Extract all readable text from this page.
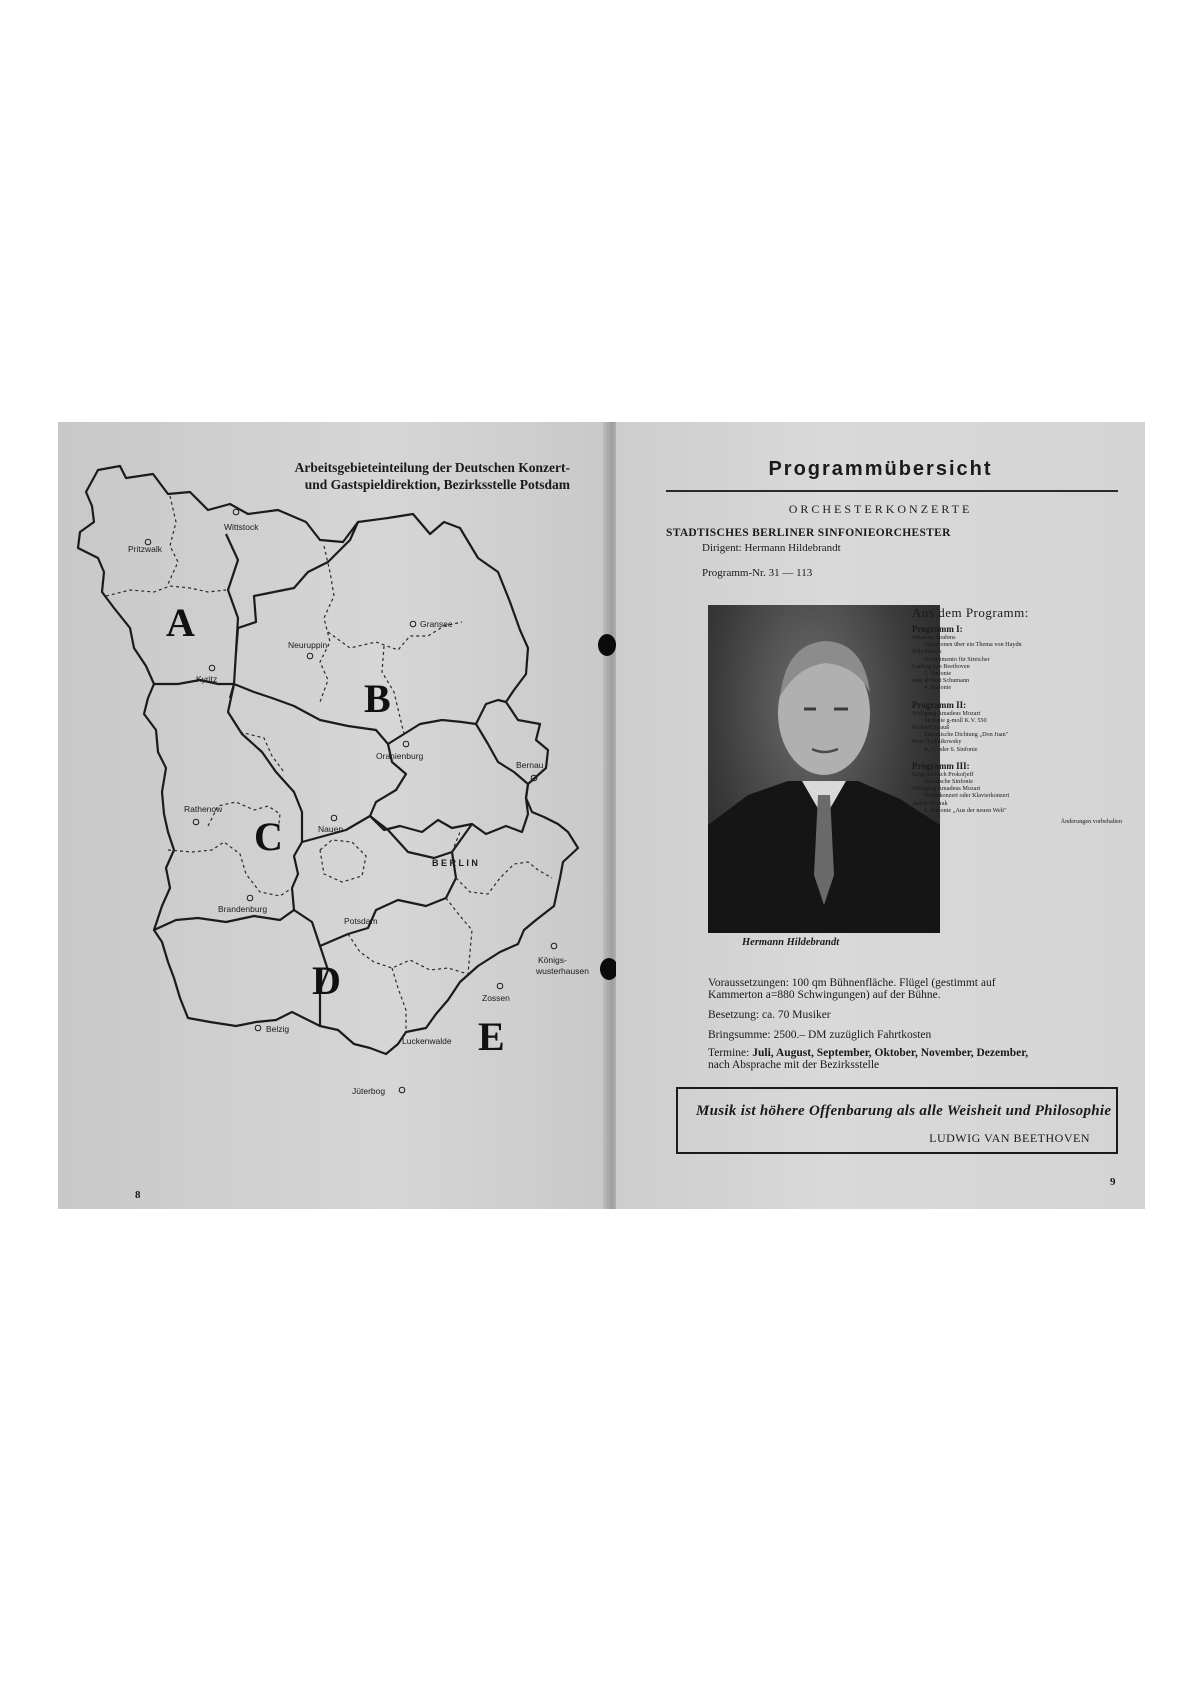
Pritzwalk
Wittstock
Gransee
Neuruppin
Kyritz
Oranienburg
Bernau
Rathenow
Nauen
B E R L I N
Brandenburg
Potsdam
Königs-
wusterhausen
Zossen
Belzig
Luckenwalde
Jüterbog
A
B
C
D
E
Arbeitsgebieteinteilung der Deutschen Konzert-
und Gastspieldirektion, Bezirksstelle Potsdam
8
Programmübersicht
ORCHESTERKONZERTE
STADTISCHES BERLINER SINFONIEORCHESTER
Dirigent: Hermann Hildebrandt
Programm-Nr. 31 — 113
Hermann Hildebrandt
Aus dem Programm:
Programm I:
Johannes Brahms
Variationen über ein Thema von Haydn
Bela Bartók
Divertimento für Streicher
Ludwig van Beethoven
7. Sinfonie
oder Robert Schumann
4. Sinfonie
Programm II:
Wolfgang Amadeus Mozart
Sinfonie g-moll K.V. 550
Richard Strauß
Sinfonische Dichtung „Don Juan"
Peter Tschaikowsky
4., 5. oder 6. Sinfonie
Programm III:
Sergeiewitsch Prokofjeff
Klassische Sinfonie
Wolfgang Amadeus Mozart
Violinkonzert oder Klavierkonzert
Anton Dvorak
5. Sinfonie „Aus der neuen Welt"
Änderungen vorbehalten
Voraussetzungen: 100 qm Bühnenfläche. Flügel (gestimmt auf
Kammerton a=880 Schwingungen) auf der Bühne.
Besetzung: ca. 70 Musiker
Bringsumme: 2500.– DM zuzüglich Fahrtkosten
Termine: Juli, August, September, Oktober, November, Dezember,
nach Absprache mit der Bezirksstelle
Musik ist höhere Offenbarung als alle Weisheit und Philosophie
LUDWIG VAN BEETHOVEN
9
